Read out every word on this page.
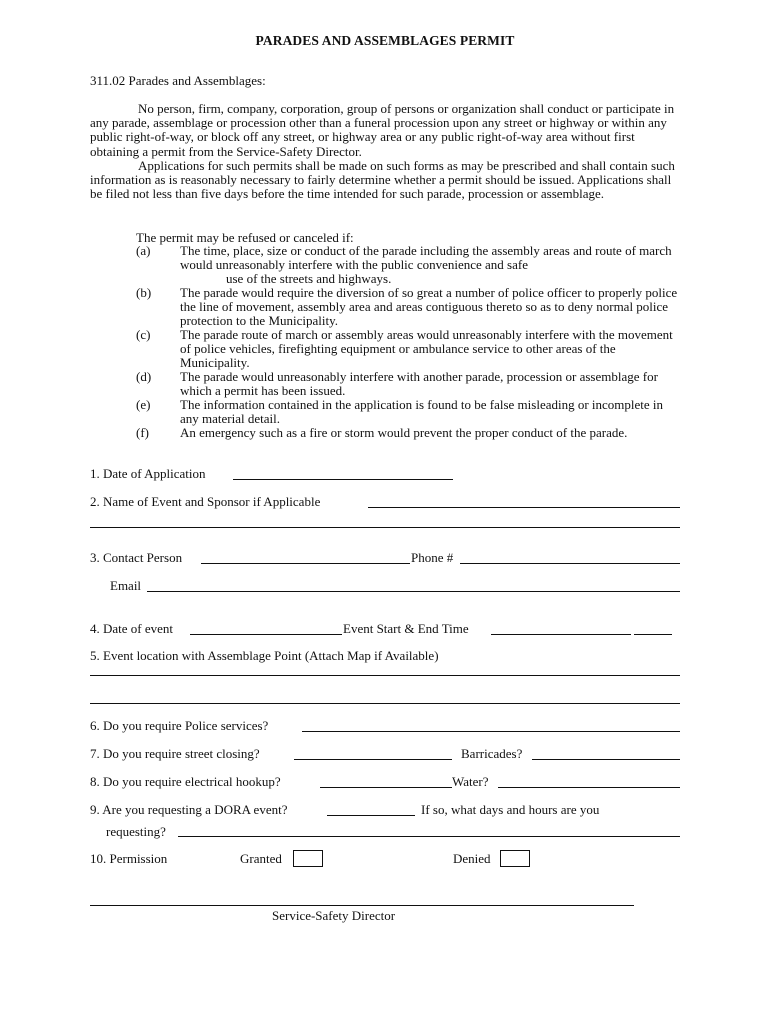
PARADES AND ASSEMBLAGES PERMIT
311.02 Parades and Assemblages:
No person, firm, company, corporation, group of persons or organization shall conduct or participate in any parade, assemblage or procession other than a funeral procession upon any street or highway or within any public right-of-way, or block off any street, or highway area or any public right-of-way area without first obtaining a permit from the Service-Safety Director.
Applications for such permits shall be made on such forms as may be prescribed and shall contain such information as is reasonably necessary to fairly determine whether a permit should be issued. Applications shall be filed not less than five days before the time intended for such parade, procession or assemblage.
The permit may be refused or canceled if:
(a) The time, place, size or conduct of the parade including the assembly areas and route of march would unreasonably interfere with the public convenience and safe
use of the streets and highways.
(b) The parade would require the diversion of so great a number of police officer to properly police the line of movement, assembly area and areas contiguous thereto so as to deny normal police protection to the Municipality.
(c) The parade route of march or assembly areas would unreasonably interfere with the movement of police vehicles, firefighting equipment or ambulance service to other areas of the Municipality.
(d) The parade would unreasonably interfere with another parade, procession or assemblage for which a permit has been issued.
(e) The information contained in the application is found to be false misleading or incomplete in any material detail.
(f) An emergency such as a fire or storm would prevent the proper conduct of the parade.
1. Date of Application
2. Name of Event and Sponsor if Applicable
3. Contact Person	Phone #
Email
4. Date of event	Event Start & End Time
5. Event location with Assemblage Point (Attach Map if Available)
6. Do you require Police services?
7. Do you require street closing?	Barricades?
8. Do you require electrical hookup?	Water?
9. Are you requesting a DORA event?	If so, what days and hours are you
requesting?
10. Permission	Granted	Denied
Service-Safety Director
